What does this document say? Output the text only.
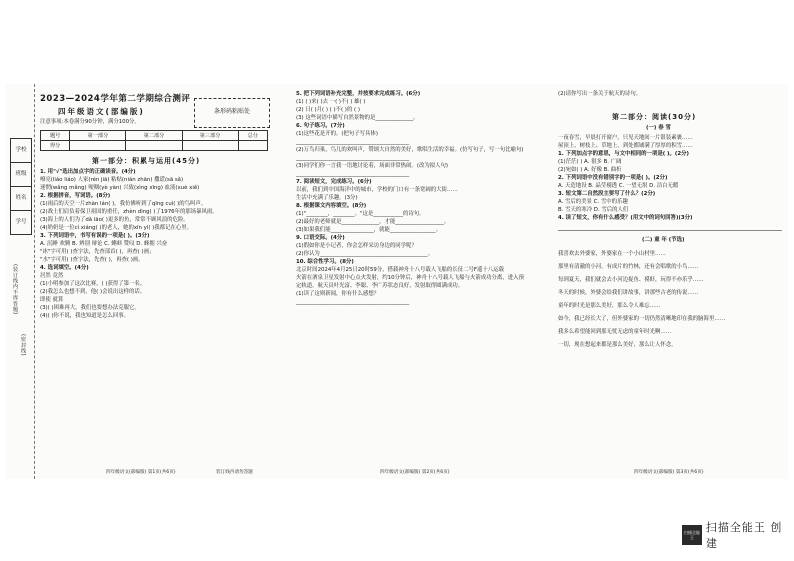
学校
班级
姓名
学号
(装订线内不得答题)
(密封线)
2023—2024学年第二学期综合测评
四年级语文(部编版)
注意事项:本卷满分90分钟，满分100分。
条形码粘贴处
题号	第一部分	第二部分	第三部分	总分
得分				
第一部分：积累与运用(45分)
1. 用"√"选出加点字的正确读音。(4分)
嘹亮(liáo liáo) 人家(rén jiā) 粘贴(nián zhān) 撒谎(sā sǎ)
迷惘(wǎng mǎng) 哽咽(yè yàn) 兴致(xìng xīng) 血液(xuè xiě)
2. 根据拼音，写词语。(8分)
(1)雨后的天空一片zhàn lán( )，我仿佛听到了qīng cuì( )的鸟叫声。
(2)战士们肩负着保卫祖国的重任，zhèn dìng( )了1976年的那场暴风雨。
(3)海上的人们为了dǎ lāo( )更多的鱼，常常不顾风浪的危险。
(4)奶奶是一位cí xiáng( )的老人，她的xīn yì( )我都记在心里。
3. 下列词语中，书写有误的一项是( )。(3分)
A. 沉睡 欢腾 B. 辨别 辩论 C. 蝌蚪 赞叹 D. 蜂拥 兴奋
"冰"字可用( )查字法，先查部首( )，再查( )画；
"水"字可用( )查字法，先查( )，再查( )画。
4. 选词填空。(4分)
居然 竟然
(1)小明参加了这次比赛，( )获得了第一名。
(2)我怎么也想不到，他( )会说出这样的话。
即使 就算
(3)( )困难再大，我们也要想办法克服它。
(4)( )你不说，我也知道是怎么回事。
四年级语文(部编版) 第1页(共6页)	装订线内请勿答题
5. 把下列词语补充完整，并按要求完成练习。(6分)
(1) ( )来( )去 一( )不( ) 雄( )
(2) 日( )月( ) ( )不( )的 ( )
(3) 这些词语中描写自然景物的是______________。
6. 句子练习。(7分)
(1)这些花是开的。(把句子写具体)
__________________________________________
(2)万鸟归巢，鸟儿的欢叫声，赞颂大自然的美好，歌唱生活的幸福。(仿写句子，写一句比喻句)
__________________________________________
(3)同学们你一言我一语地讨论着，场面非常热闹。(改为拟人句)
__________________________________________
7. 阅读短文，完成练习。(6分)
以前，我们到中国海洋中的城市，学校的门口有一条宽阔的大街……
生活中充满了乐趣。(3分)
8. 根据课文内容填空。(8分)
(1)"________，________。"这是___________的诗句。
(2)最好的老师就是______________，才能__________________。
(3)如果我们能________________，就能_________________。
9. 口语交际。(4分)
(1)假如你是小记者，你会怎样采访身边的同学呢？
(2)你认为________________________________________。
10. 综合性学习。(8分)
北京时间2024年4月25日20时59分，搭载神舟十八号载人飞船的长征二号F遥十八运载
火箭在酒泉卫星发射中心点火发射，约10分钟后，神舟十八号载人飞船与火箭成功分离，进入预
定轨道。航天员叶光富、李聪、李广苏状态良好，发射取得圆满成功。
(1)读了这则新闻，你有什么感想？
__________________________________________
四年级语文(部编版) 第2页(共6页)
(2)请你写出一条关于航天的诗句。
第二部分：阅读(30分)
(一) 春 雪
一夜春雪，早晨打开窗户，只见天地间一片银装素裹……
屋顶上、树枝上、草地上，到处都铺满了厚厚的积雪……
1. 下列加点字的意思，与文中相同的一项是( )。(2分)
(1)茫茫( ) A. 很多 B. 广阔
(2)宛如( ) A. 好像 B. 曲折
2. 下列词语中没有错别字的一项是( )。(2分)
A. 天造地设 B. 晶莹剔透 C. 一望无垠 D. 洁白无暇
3. 短文第二自然段主要写了什么？(2分)
A. 雪后的美景 C. 雪中的乐趣
B. 雪天的寒冷 D. 雪后的人们
4. 读了短文，你有什么感受？(用文中的词句回答)(3分)
(二) 童 年 (节选)
我喜欢去外婆家，外婆家在一个小山村里……
那里有清澈的小河，有成片的竹林，还有会唱歌的小鸟……
每到夏天，我们就会去小河边捉鱼、摸虾，玩得不亦乐乎……
冬天的时候，外婆会给我们讲故事，讲那些古老的传说……
童年的时光是那么美好，那么令人难忘……
如今，我已经长大了，但外婆家的一切仍然清晰地印在我的脑海里……
我多么希望能回到那无忧无虑的童年时光啊……
一切，现在想起来都是那么美好，那么让人怀念。
四年级语文(部编版) 第3页(共6页)
扫描全能王
扫描全能王 创建
